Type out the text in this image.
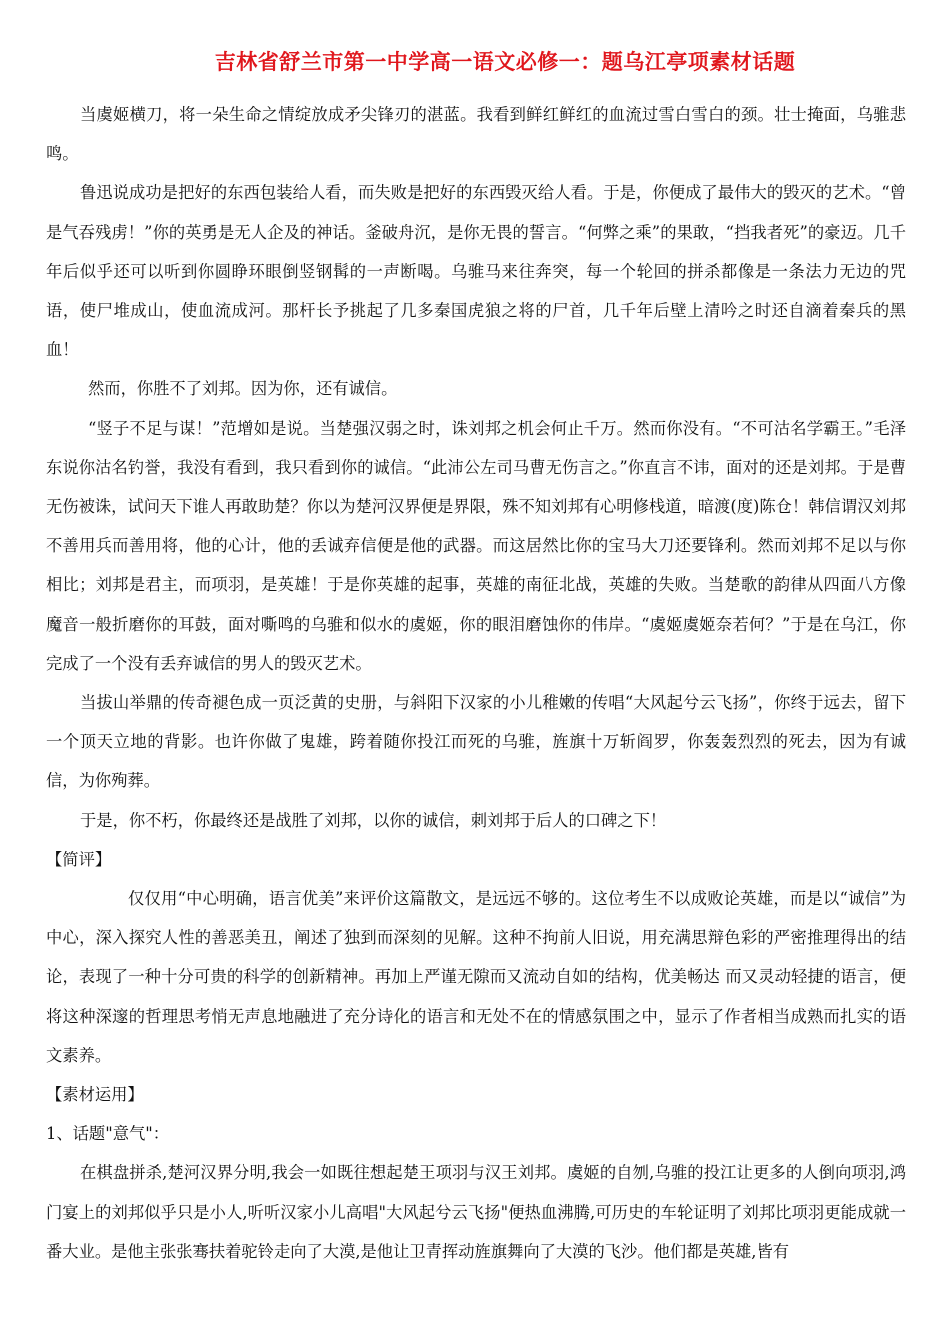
吉林省舒兰市第一中学高一语文必修一：题乌江亭项素材话题

当虞姬横刀，将一朵生命之情绽放成矛尖锋刃的湛蓝。我看到鲜红鲜红的血流过雪白雪白的颈。壮士掩面，乌骓悲鸣。

鲁迅说成功是把好的东西包装给人看，而失败是把好的东西毁灭给人看。于是，你便成了最伟大的毁灭的艺术。“曾是气吞残虏！”你的英勇是无人企及的神话。釜破舟沉，是你无畏的誓言。“何弊之乘”的果敢，“挡我者死”的豪迈。几千年后似乎还可以听到你圆睁环眼倒竖钢髯的一声断喝。乌骓马来往奔突，每一个轮回的拼杀都像是一条法力无边的咒语，使尸堆成山，使血流成河。那杆长予挑起了几多秦国虎狼之将的尸首，几千年后壁上清吟之时还自滴着秦兵的黑血！

然而，你胜不了刘邦。因为你，还有诚信。

“竖子不足与谋！”范增如是说。当楚强汉弱之时，诛刘邦之机会何止千万。然而你没有。“不可沽名学霸王。”毛泽东说你沽名钓誉，我没有看到，我只看到你的诚信。“此沛公左司马曹无伤言之。”你直言不讳，面对的还是刘邦。于是曹无伤被诛，试问天下谁人再敢助楚？你以为楚河汉界便是界限，殊不知刘邦有心明修栈道，暗渡(度)陈仓！韩信谓汉刘邦不善用兵而善用将，他的心计，他的丢诚弃信便是他的武器。而这居然比你的宝马大刀还要锋利。然而刘邦不足以与你相比；刘邦是君主，而项羽，是英雄！于是你英雄的起事，英雄的南征北战，英雄的失败。当楚歌的韵律从四面八方像魔音一般折磨你的耳鼓，面对嘶鸣的乌骓和似水的虞姬，你的眼泪磨蚀你的伟岸。“虞姬虞姬奈若何？”于是在乌江，你完成了一个没有丢弃诚信的男人的毁灭艺术。

当拔山举鼎的传奇褪色成一页泛黄的史册，与斜阳下汉家的小儿稚嫩的传唱“大风起兮云飞扬”，你终于远去，留下一个顶天立地的背影。也许你做了鬼雄，跨着随你投江而死的乌骓，旌旗十万斩阎罗，你轰轰烈烈的死去，因为有诚信，为你殉葬。

于是，你不朽，你最终还是战胜了刘邦，以你的诚信，刺刘邦于后人的口碑之下！

【简评】

仅仅用“中心明确，语言优美”来评价这篇散文，是远远不够的。这位考生不以成败论英雄，而是以“诚信”为中心，深入探究人性的善恶美丑，阐述了独到而深刻的见解。这种不拘前人旧说，用充满思辩色彩的严密推理得出的结论，表现了一种十分可贵的科学的创新精神。再加上严谨无隙而又流动自如的结构，优美畅达 而又灵动轻捷的语言，便将这种深邃的哲理思考悄无声息地融进了充分诗化的语言和无处不在的情感氛围之中，显示了作者相当成熟而扎实的语文素养。

【素材运用】

1、话题"意气"：

在棋盘拼杀,楚河汉界分明,我会一如既往想起楚王项羽与汉王刘邦。虞姬的自刎,乌骓的投江让更多的人倒向项羽,鸿门宴上的刘邦似乎只是小人,听听汉家小儿高唱"大风起兮云飞扬"便热血沸腾,可历史的车轮证明了刘邦比项羽更能成就一番大业。是他主张张骞扶着驼铃走向了大漠,是他让卫青挥动旌旗舞向了大漠的飞沙。他们都是英雄,皆有
